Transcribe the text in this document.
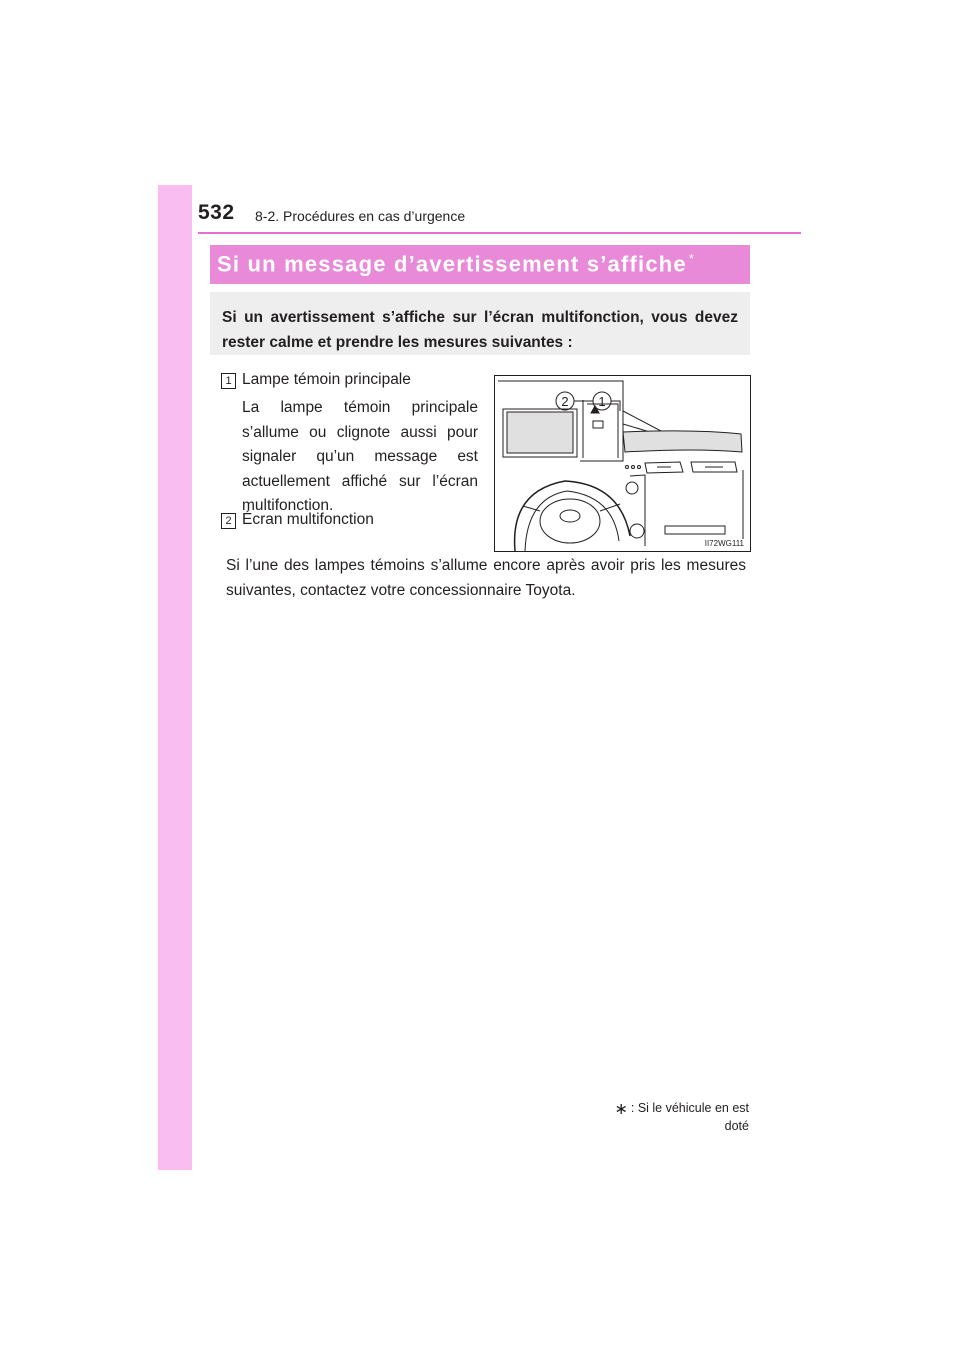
532 8-2. Procédures en cas d’urgence
Si un message d’avertissement s’affiche *
Si un avertissement s’affiche sur l’écran multifonction, vous devez rester calme et prendre les mesures suivantes :
1 Lampe témoin principale
La lampe témoin principale s’allume ou clignote aussi pour signaler qu’un message est actuellement affiché sur l’écran multifonction.
2 Écran multifonction
II72WG111
2 1
Si l’une des lampes témoins s’allume encore après avoir pris les mesures suivantes, contactez votre concessionnaire Toyota.
∗ : Si le véhicule en est doté
